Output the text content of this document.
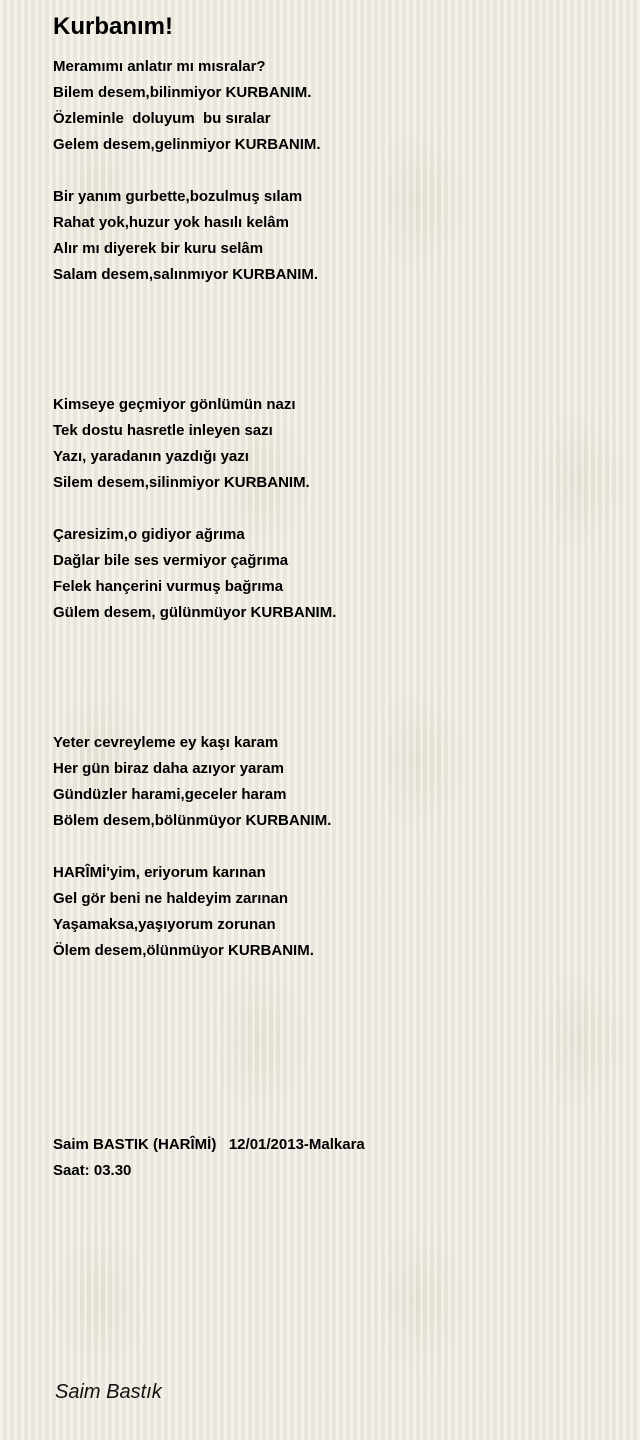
Kurbanım!
Meramımı anlatır mı mısralar?
Bilem desem,bilinmiyor KURBANIM.
Özleminle  doluyum  bu sıralar
Gelem desem,gelinmiyor KURBANIM.
Bir yanım gurbette,bozulmuş sılam
Rahat yok,huzur yok hasılı kelâm
Alır mı diyerek bir kuru selâm
Salam desem,salınmıyor KURBANIM.
Kimseye geçmiyor gönlümün nazı
Tek dostu hasretle inleyen sazı
Yazı, yaradanın yazdığı yazı
Silem desem,silinmiyor KURBANIM.
Çaresizim,o gidiyor ağrıma
Dağlar bile ses vermiyor çağrıma
Felek hançerini vurmuş bağrıma
Gülem desem, gülünmüyor KURBANIM.
Yeter cevreyleme ey kaşı karam
Her gün biraz daha azıyor yaram
Gündüzler harami,geceler haram
Bölem desem,bölünmüyor KURBANIM.
HARÎMİ'yim, eriyorum karınan
Gel gör beni ne haldeyim zarınan
Yaşamaksa,yaşıyorum zorunan
Ölem desem,ölünmüyor KURBANIM.
Saim BASTIK (HARÎMİ)   12/01/2013-Malkara
Saat: 03.30
Saim Bastık
